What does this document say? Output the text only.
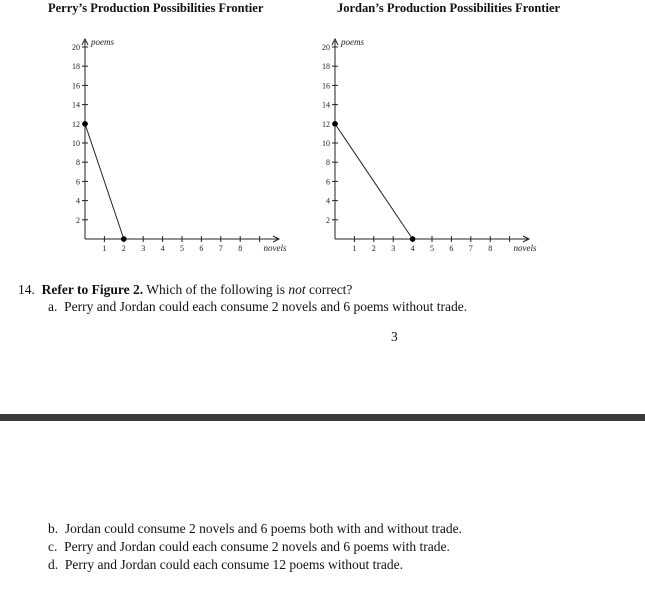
Perry’s Production Possibilities Frontier	Jordan’s Production Possibilities Frontier
2
4
6
8
10
12
14
16
18
20
1 2 3 4 5 6 7 8
poems
novels
2
4
6
8
10
12
14
16
18
20
1 2 3 4 5 6 7 8
poems
novels
14. Refer to Figure 2. Which of the following is not correct?
a. Perry and Jordan could each consume 2 novels and 6 poems without trade.
3
b. Jordan could consume 2 novels and 6 poems both with and without trade.
c. Perry and Jordan could each consume 2 novels and 6 poems with trade.
d. Perry and Jordan could each consume 12 poems without trade.
